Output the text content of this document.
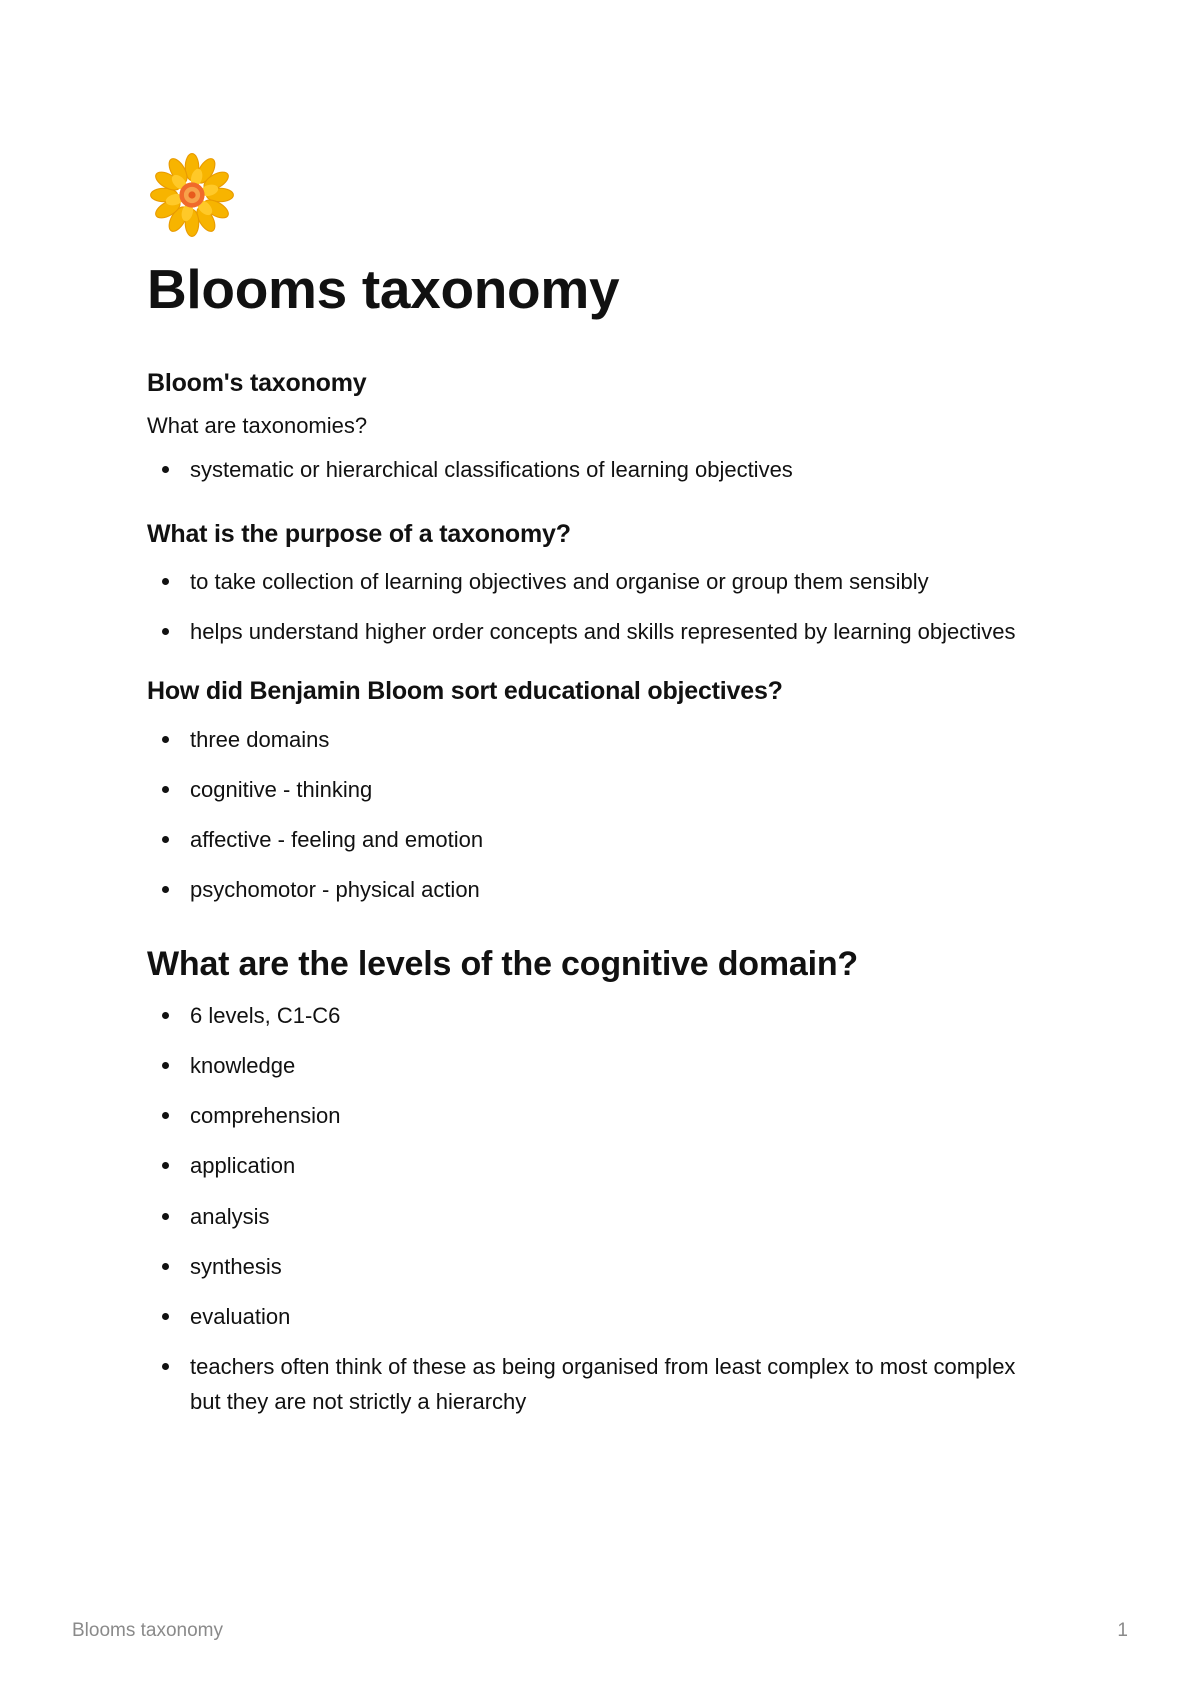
Blooms taxonomy
Bloom's taxonomy

What are taxonomies?

systematic or hierarchical classifications of learning objectives
What is the purpose of a taxonomy?
to take collection of learning objectives and organise or group them sensibly
helps understand higher order concepts and skills represented by learning objectives
How did Benjamin Bloom sort educational objectives?
three domains
cognitive - thinking
affective - feeling and emotion
psychomotor - physical action
What are the levels of the cognitive domain?
6 levels, C1-C6
knowledge
comprehension
application
analysis
synthesis
evaluation
teachers often think of these as being organised from least complex to most complex but they are not strictly a hierarchy
Blooms taxonomy	1
